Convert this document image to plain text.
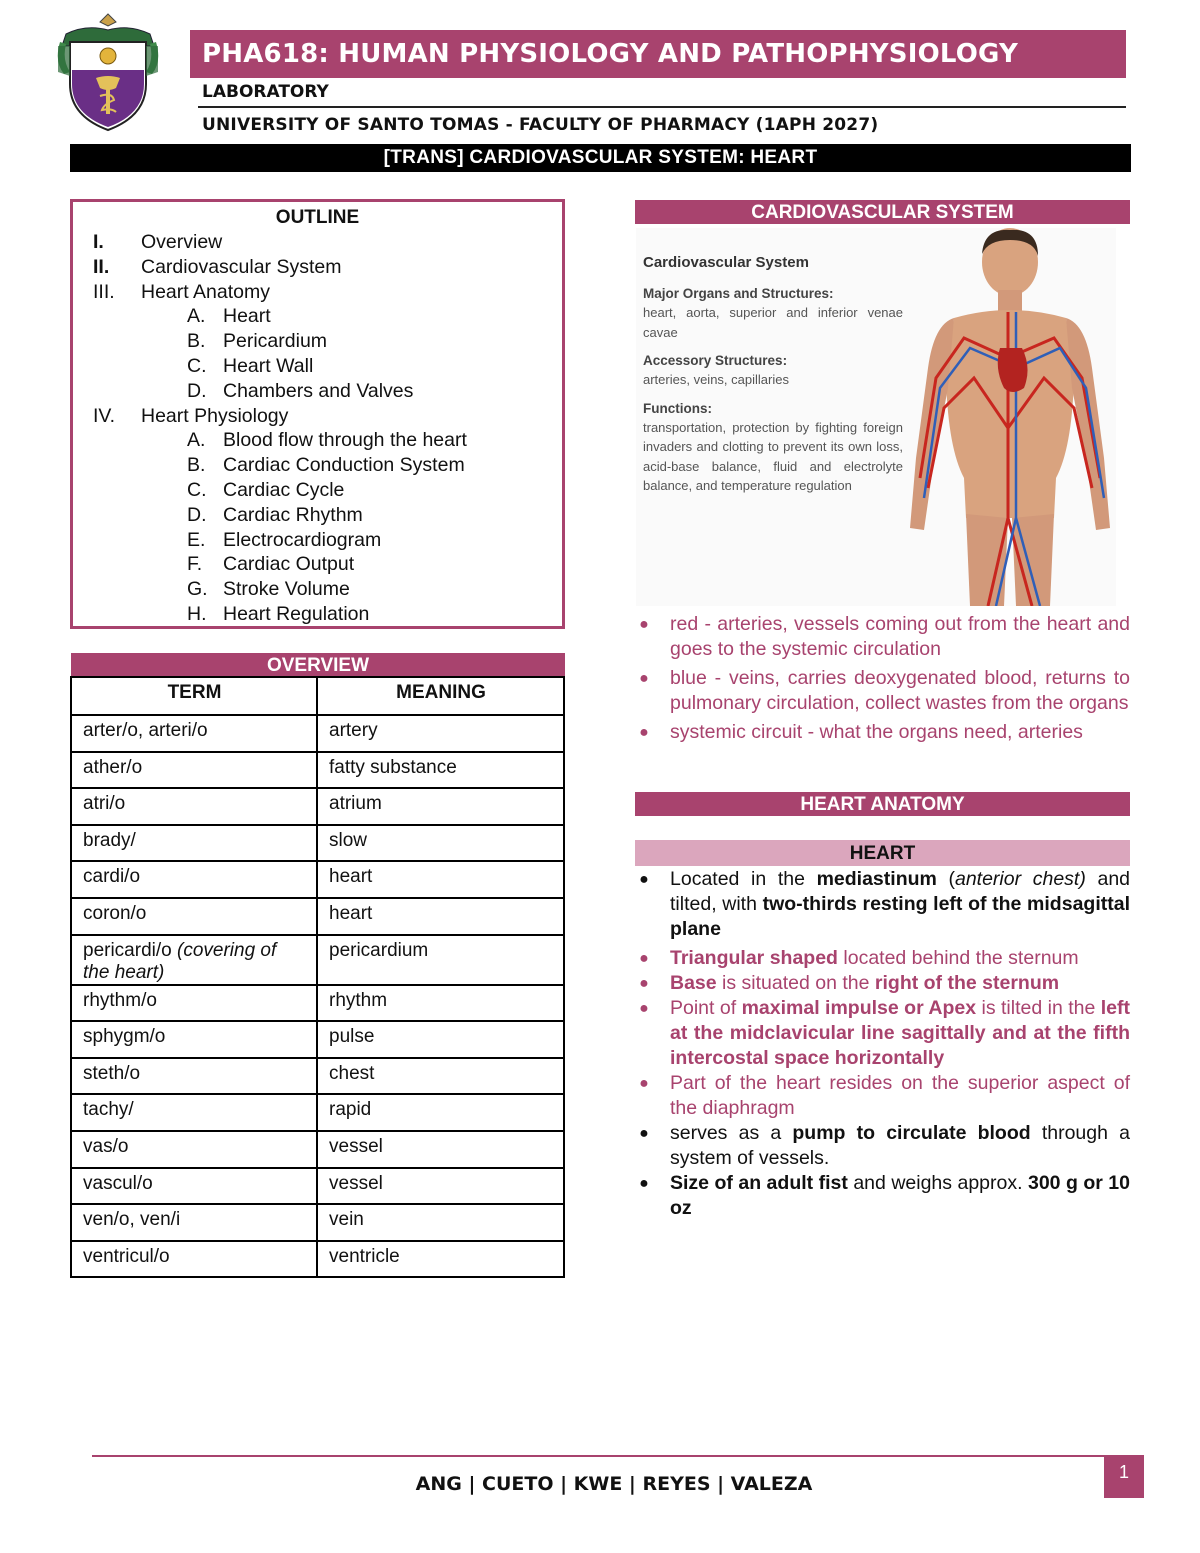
PHA618: HUMAN PHYSIOLOGY AND PATHOPHYSIOLOGY
LABORATORY
UNIVERSITY OF SANTO TOMAS - FACULTY OF PHARMACY (1APH 2027)
[TRANS] CARDIOVASCULAR SYSTEM: HEART
OUTLINE
I. Overview
II. Cardiovascular System
III. Heart Anatomy
A. Heart
B. Pericardium
C. Heart Wall
D. Chambers and Valves
IV. Heart Physiology
A. Blood flow through the heart
B. Cardiac Conduction System
C. Cardiac Cycle
D. Cardiac Rhythm
E. Electrocardiogram
F. Cardiac Output
G. Stroke Volume
H. Heart Regulation
OVERVIEW
TERM	MEANING
arter/o, arteri/o	artery
ather/o	fatty substance
atri/o	atrium
brady/	slow
cardi/o	heart
coron/o	heart
pericardi/o (covering of the heart)	pericardium
rhythm/o	rhythm
sphygm/o	pulse
steth/o	chest
tachy/	rapid
vas/o	vessel
vascul/o	vessel
ven/o, ven/i	vein
ventricul/o	ventricle
CARDIOVASCULAR SYSTEM
Cardiovascular System
Major Organs and Structures:
heart, aorta, superior and inferior venae cavae
Accessory Structures:
arteries, veins, capillaries
Functions:
transportation, protection by fighting foreign invaders and clotting to prevent its own loss, acid-base balance, fluid and electrolyte balance, and temperature regulation
● red - arteries, vessels coming out from the heart and goes to the systemic circulation
● blue - veins, carries deoxygenated blood, returns to pulmonary circulation, collect wastes from the organs
● systemic circuit - what the organs need, arteries
HEART ANATOMY
HEART
● Located in the mediastinum (anterior chest) and tilted, with two-thirds resting left of the midsagittal plane
● Triangular shaped located behind the sternum
● Base is situated on the right of the sternum
● Point of maximal impulse or Apex is tilted in the left at the midclavicular line sagittally and at the fifth intercostal space horizontally
● Part of the heart resides on the superior aspect of the diaphragm
● serves as a pump to circulate blood through a system of vessels.
● Size of an adult fist and weighs approx. 300 g or 10 oz
1
ANG | CUETO | KWE | REYES | VALEZA
